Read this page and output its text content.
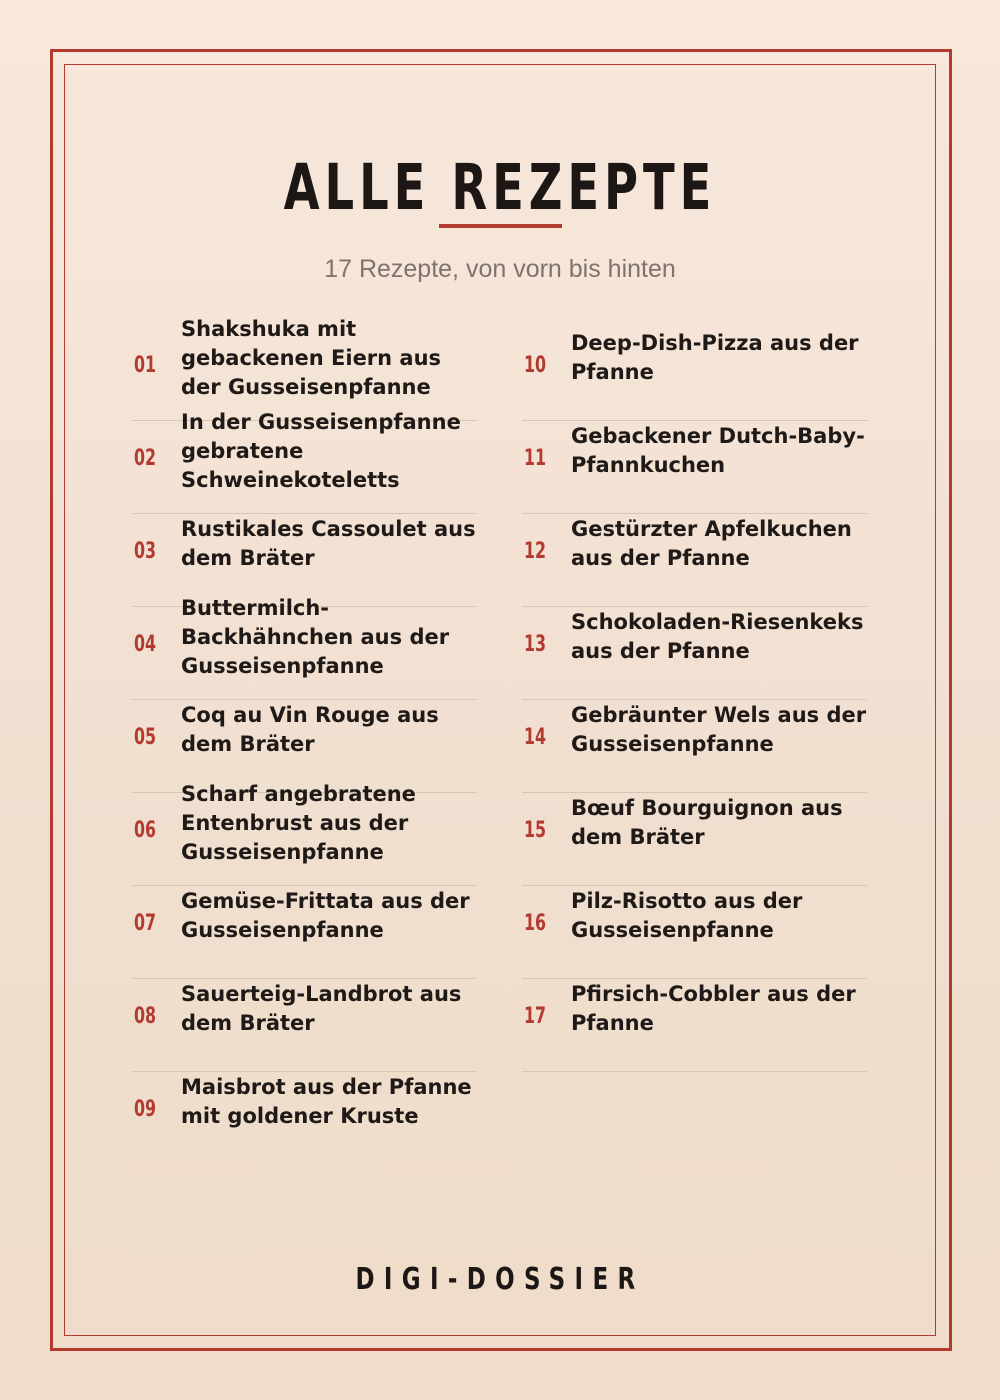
ALLE REZEPTE
17 Rezepte, von vorn bis hinten
01
Shakshuka mit gebackenen Eiern aus der Gusseisenpfanne
02
In der Gusseisenpfanne gebratene Schweinekoteletts
03
Rustikales Cassoulet aus dem Bräter
04
Buttermilch-Backhähnchen aus der Gusseisenpfanne
05
Coq au Vin Rouge aus dem Bräter
06
Scharf angebratene Entenbrust aus der Gusseisenpfanne
07
Gemüse-Frittata aus der Gusseisenpfanne
08
Sauerteig-Landbrot aus dem Bräter
09
Maisbrot aus der Pfanne mit goldener Kruste
10
Deep-Dish-Pizza aus der Pfanne
11
Gebackener Dutch-Baby-Pfannkuchen
12
Gestürzter Apfelkuchen aus der Pfanne
13
Schokoladen-Riesenkeks aus der Pfanne
14
Gebräunter Wels aus der Gusseisenpfanne
15
Bœuf Bourguignon aus dem Bräter
16
Pilz-Risotto aus der Gusseisenpfanne
17
Pfirsich-Cobbler aus der Pfanne
DIGI-DOSSIER
